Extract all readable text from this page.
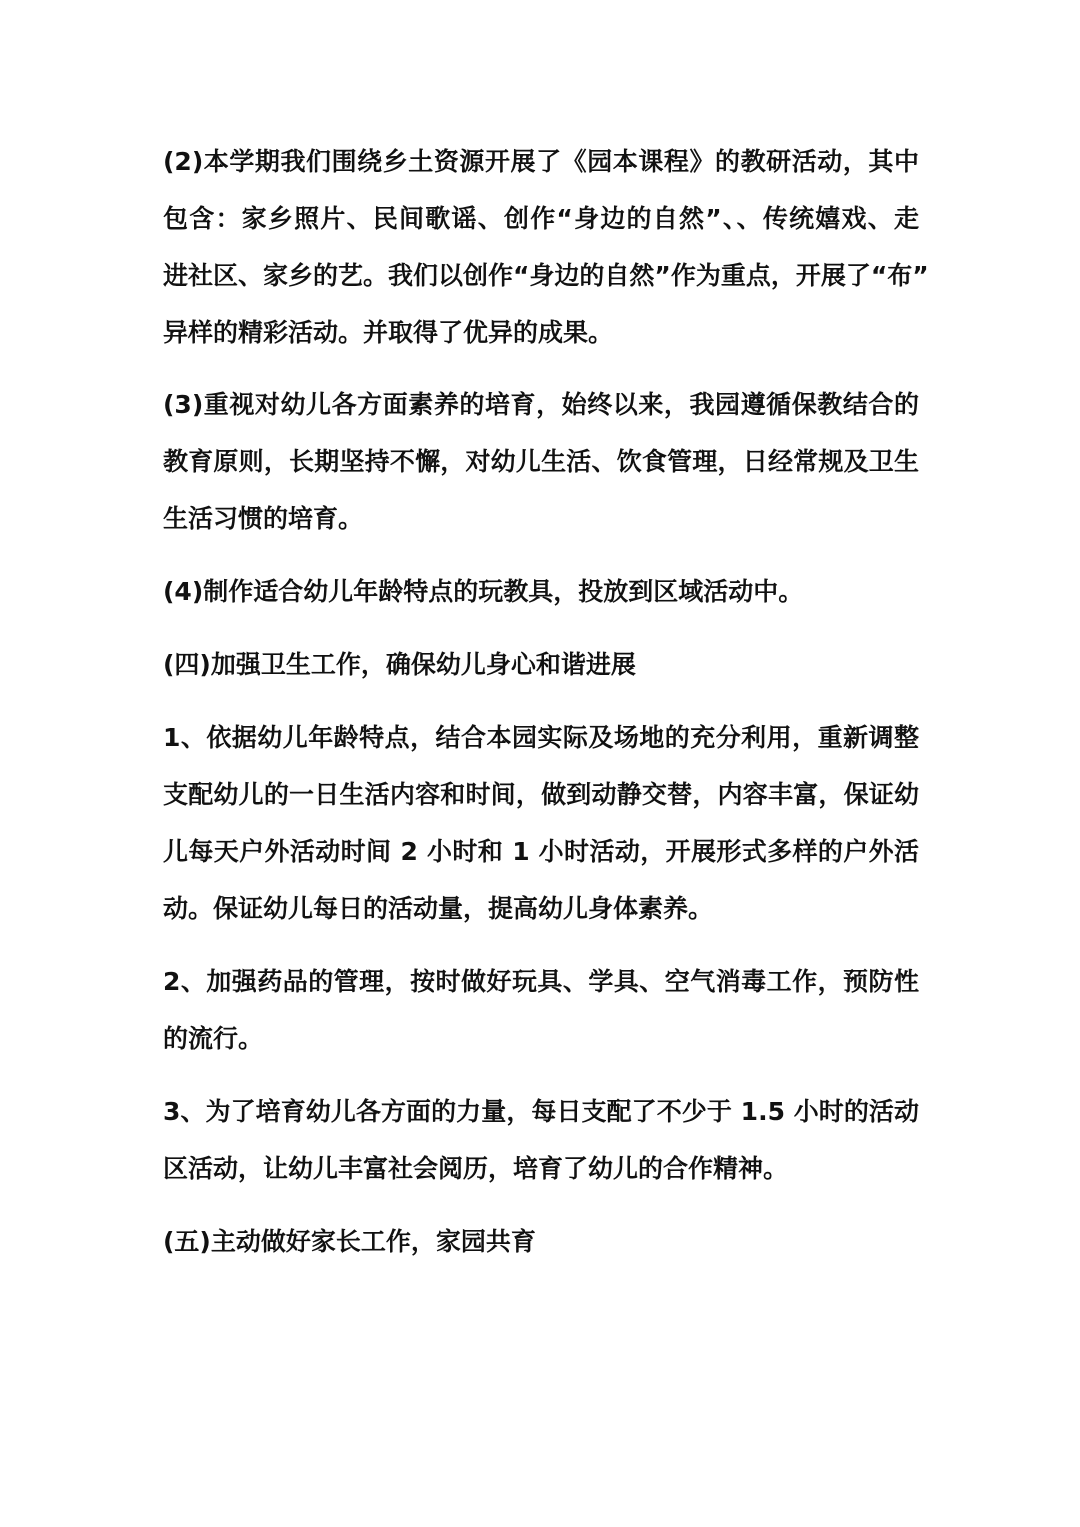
(2)本学期我们围绕乡土资源开展了《园本课程》的教研活动，其中
包含：家乡照片、民间歌谣、创作“身边的自然”、、传统嬉戏、走
进社区、家乡的艺。我们以创作“身边的自然”作为重点，开展了“布”
异样的精彩活动。并取得了优异的成果。
(3)重视对幼儿各方面素养的培育，始终以来，我园遵循保教结合的
教育原则，长期坚持不懈，对幼儿生活、饮食管理，日经常规及卫生
生活习惯的培育。
(4)制作适合幼儿年龄特点的玩教具，投放到区域活动中。
(四)加强卫生工作，确保幼儿身心和谐进展
1、依据幼儿年龄特点，结合本园实际及场地的充分利用，重新调整
支配幼儿的一日生活内容和时间，做到动静交替，内容丰富，保证幼
儿每天户外活动时间 2 小时和 1 小时活动，开展形式多样的户外活
动。保证幼儿每日的活动量，提高幼儿身体素养。
2、加强药品的管理，按时做好玩具、学具、空气消毒工作，预防性
的流行。
3、为了培育幼儿各方面的力量，每日支配了不少于 1.5 小时的活动
区活动，让幼儿丰富社会阅历，培育了幼儿的合作精神。
(五)主动做好家长工作，家园共育
